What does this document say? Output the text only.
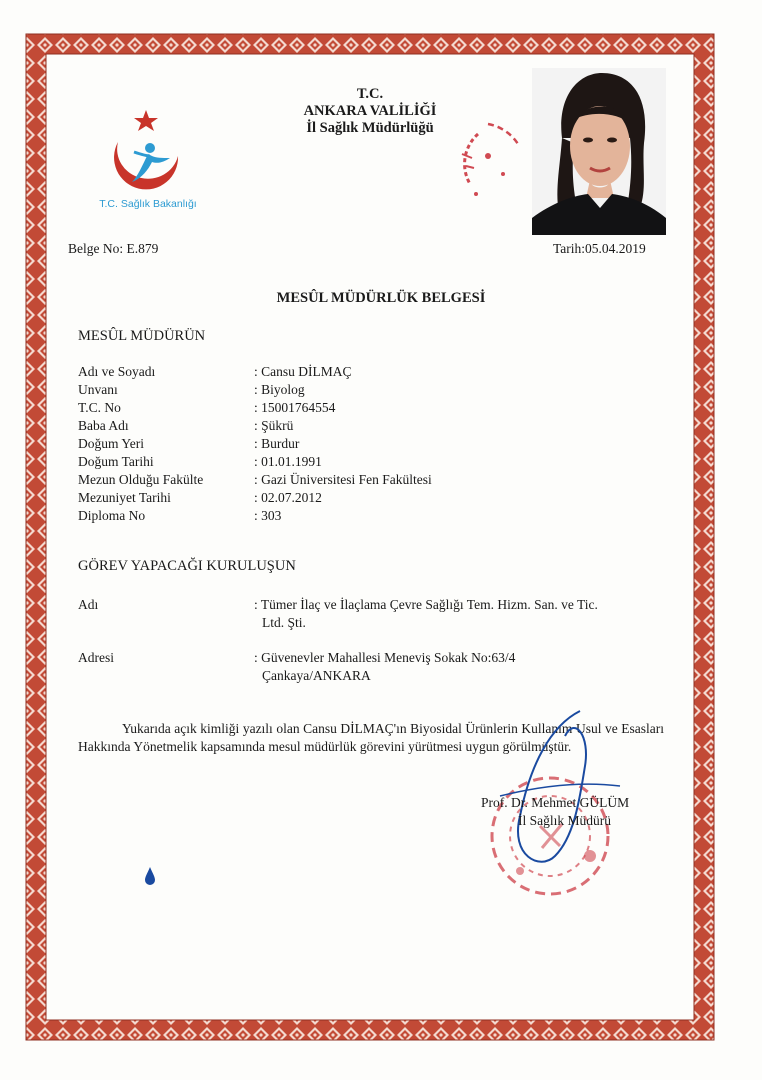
T.C.
ANKARA VALİLİĞİ
İl Sağlık Müdürlüğü
T.C. Sağlık Bakanlığı
Belge No: E.879	Tarih:05.04.2019
MESÛL MÜDÜRLÜK BELGESİ
MESÛL MÜDÜRÜN
Adı ve Soyadı	: Cansu DİLMAÇ
Unvanı	: Biyolog
T.C. No	: 15001764554
Baba Adı	: Şükrü
Doğum Yeri	: Burdur
Doğum Tarihi	: 01.01.1991
Mezun Olduğu Fakülte	: Gazi Üniversitesi Fen Fakültesi
Mezuniyet Tarihi	: 02.07.2012
Diploma No	: 303
GÖREV YAPACAĞI KURULUŞUN
Adı	: Tümer İlaç ve İlaçlama Çevre Sağlığı Tem. Hizm. San. ve Tic.
Ltd. Şti.
Adresi	: Güvenevler Mahallesi Meneviş Sokak No:63/4
Çankaya/ANKARA
Yukarıda açık kimliği yazılı olan Cansu DİLMAÇ'ın Biyosidal Ürünlerin Kullanım Usul ve Esasları Hakkında Yönetmelik kapsamında mesul müdürlük görevini yürütmesi uygun görülmüştür.
Prof. Dr. Mehmet GÜLÜM
İl Sağlık Müdürü
